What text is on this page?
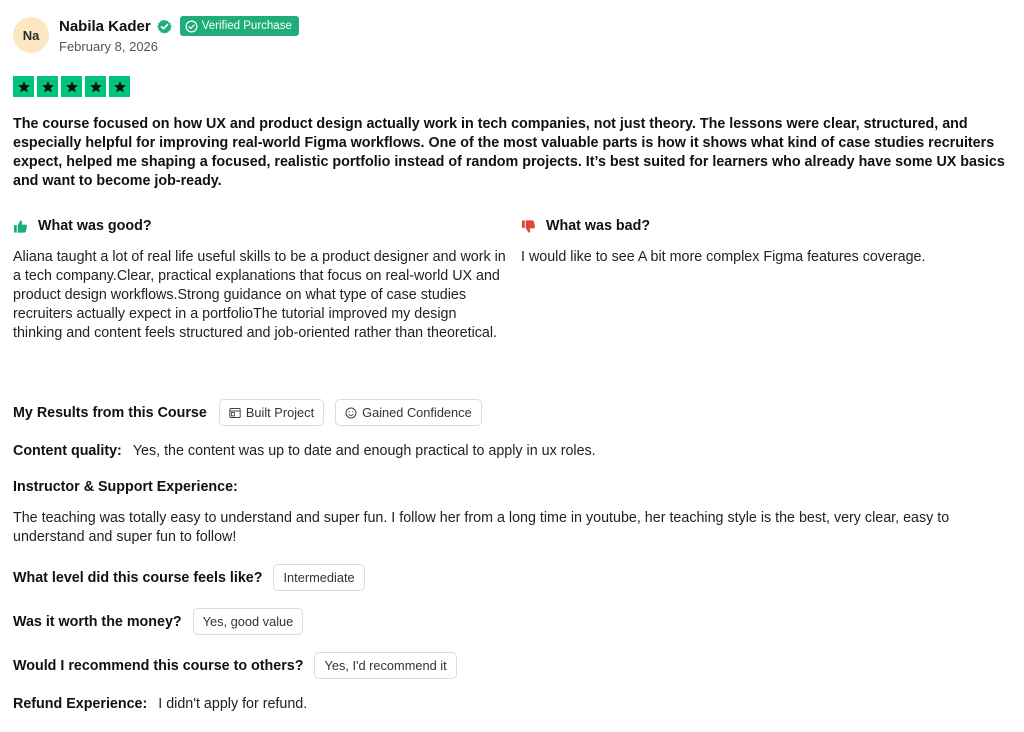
Na
Nabila Kader	Verified Purchase
February 8, 2026

The course focused on how UX and product design actually work in tech companies, not just theory. The lessons were clear, structured, and especially helpful for improving real-world Figma workflows. One of the most valuable parts is how it shows what kind of case studies recruiters expect, helped me shaping a focused, realistic portfolio instead of random projects. It’s best suited for learners who already have some UX basics and want to become job-ready.

What was good?

Aliana taught a lot of real life useful skills to be a product designer and work in a tech company.Clear, practical explanations that focus on real-world UX and product design workflows.Strong guidance on what type of case studies recruiters actually expect in a portfolioThe tutorial improved my design thinking and content feels structured and job-oriented rather than theoretical.

What was bad?

I would like to see A bit more complex Figma features coverage.

My Results from this Course	Built Project	Gained Confidence
Content quality: Yes, the content was up to date and enough practical to apply in ux roles.
Instructor & Support Experience:

The teaching was totally easy to understand and super fun. I follow her from a long time in youtube, her teaching style is the best, very clear, easy to understand and super fun to follow!

What level did this course feels like?	Intermediate
Was it worth the money?	Yes, good value
Would I recommend this course to others?	Yes, I'd recommend it
Refund Experience: I didn't apply for refund.
